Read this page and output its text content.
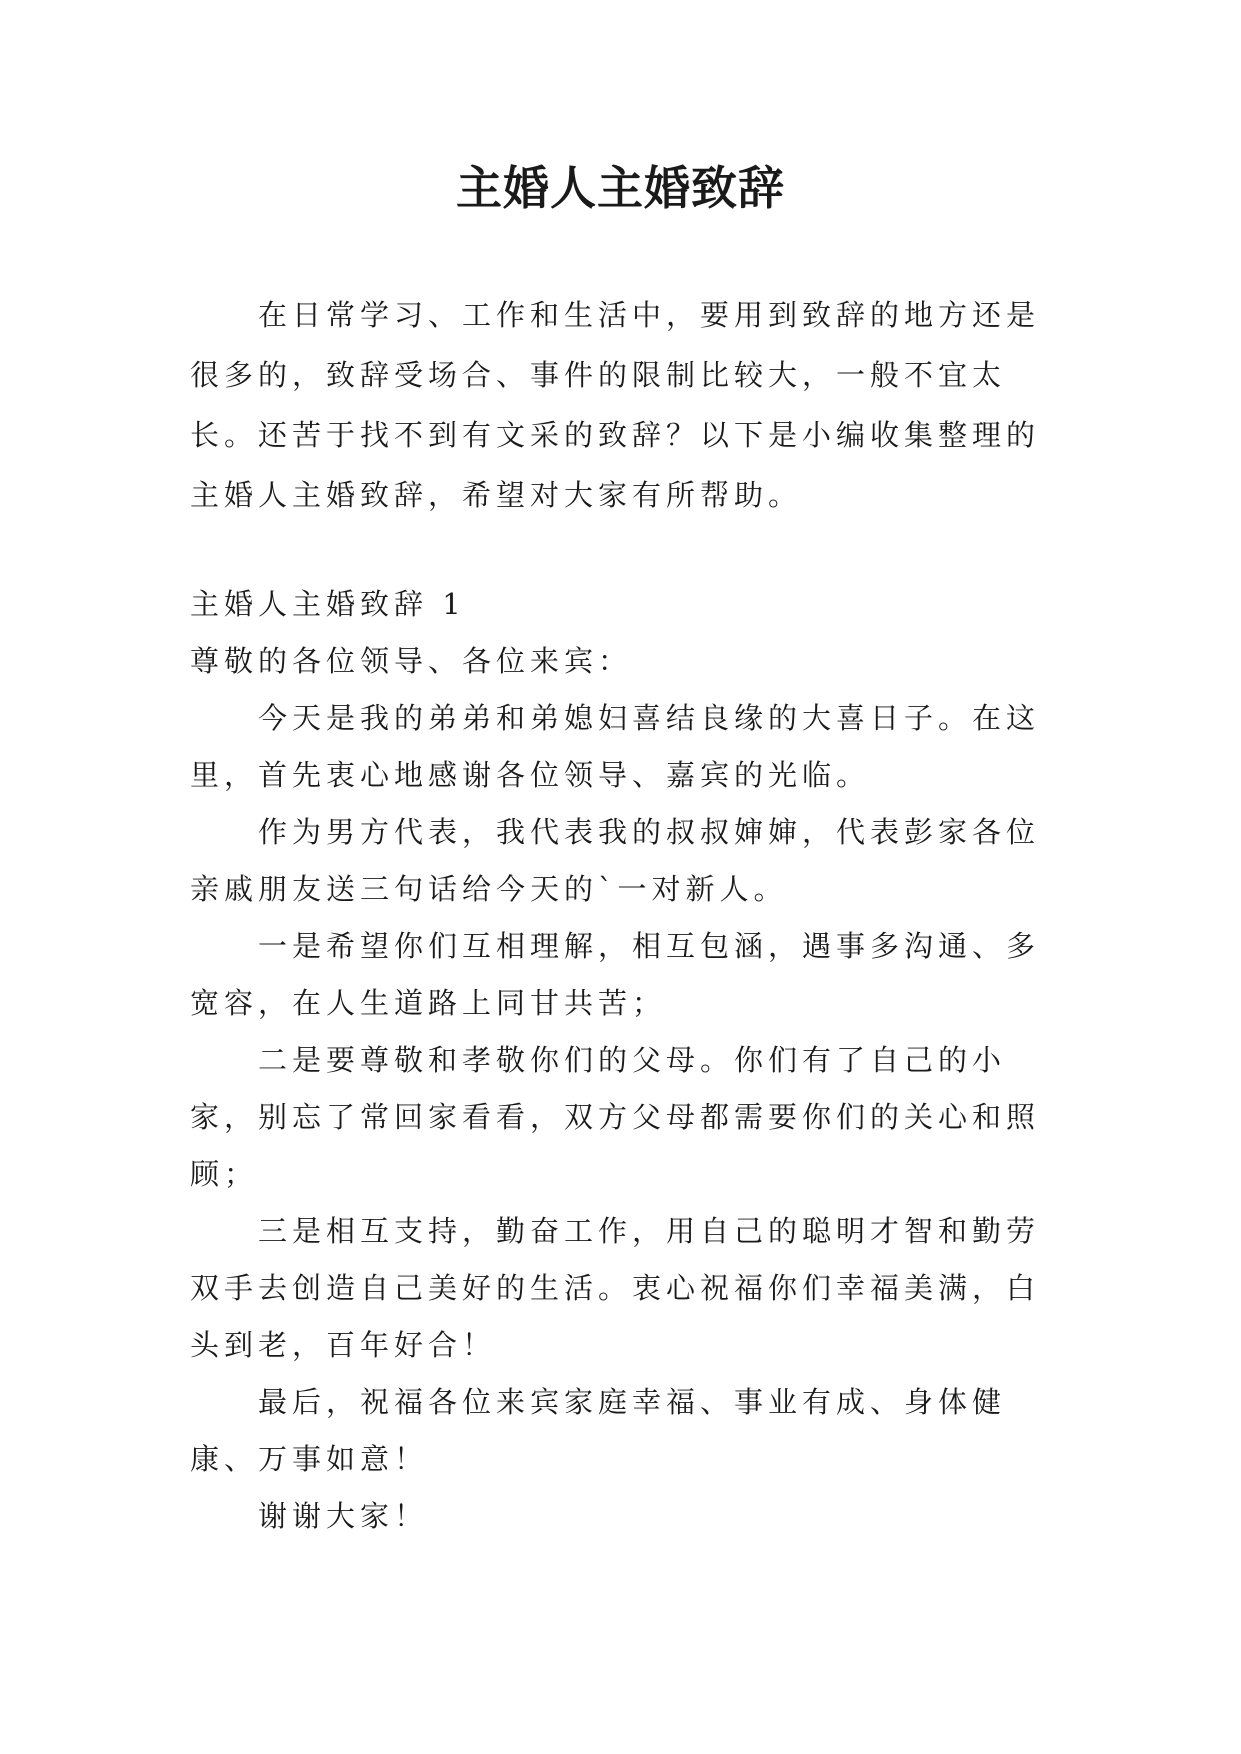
主婚人主婚致辞

在日常学习、工作和生活中，要用到致辞的地方还是很多的，致辞受场合、事件的限制比较大，一般不宜太长。还苦于找不到有文采的致辞？以下是小编收集整理的主婚人主婚致辞，希望对大家有所帮助。

主婚人主婚致辞 1

尊敬的各位领导、各位来宾：

今天是我的弟弟和弟媳妇喜结良缘的大喜日子。在这里，首先衷心地感谢各位领导、嘉宾的光临。

作为男方代表，我代表我的叔叔婶婶，代表彭家各位亲戚朋友送三句话给今天的`一对新人。

一是希望你们互相理解，相互包涵，遇事多沟通、多宽容，在人生道路上同甘共苦；

二是要尊敬和孝敬你们的父母。你们有了自己的小家，别忘了常回家看看，双方父母都需要你们的关心和照顾；

三是相互支持，勤奋工作，用自己的聪明才智和勤劳双手去创造自己美好的生活。衷心祝福你们幸福美满，白头到老，百年好合！

最后，祝福各位来宾家庭幸福、事业有成、身体健康、万事如意！

谢谢大家！
